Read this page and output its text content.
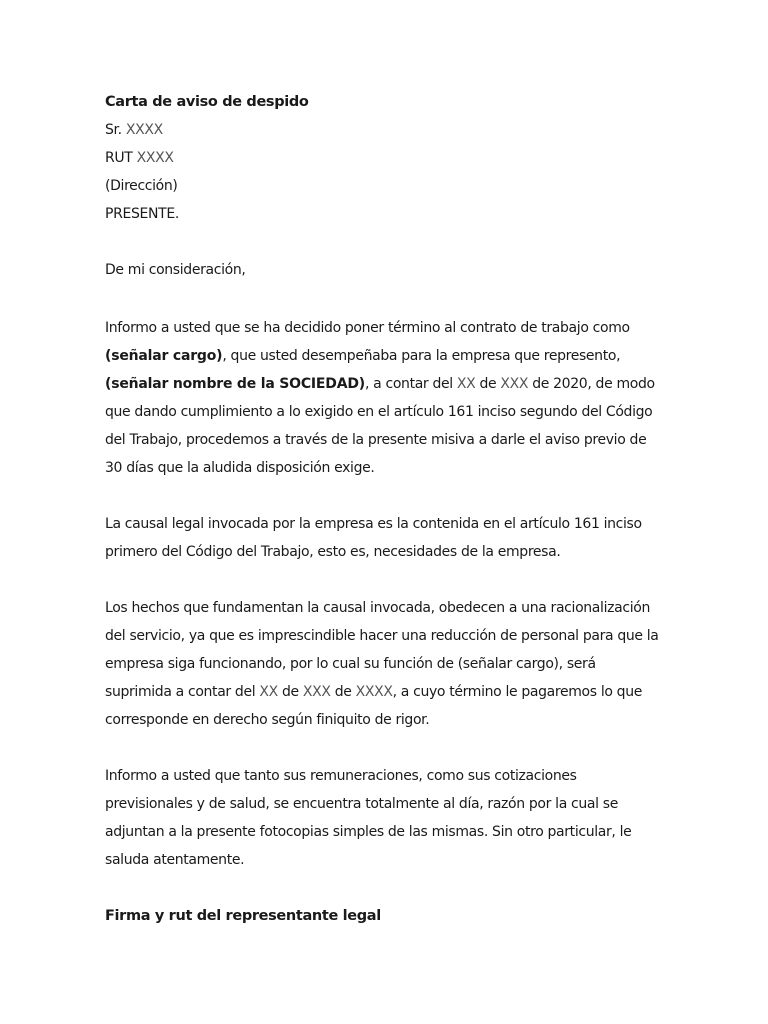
Carta de aviso de despido

Sr. XXXX

RUT XXXX

(Dirección)

PRESENTE.

De mi consideración,

Informo a usted que se ha decidido poner término al contrato de trabajo como
(señalar cargo), que usted desempeñaba para la empresa que represento,
(señalar nombre de la SOCIEDAD), a contar del XX de XXX de 2020, de modo
que dando cumplimiento a lo exigido en el artículo 161 inciso segundo del Código
del Trabajo, procedemos a través de la presente misiva a darle el aviso previo de
30 días que la aludida disposición exige.
La causal legal invocada por la empresa es la contenida en el artículo 161 inciso
primero del Código del Trabajo, esto es, necesidades de la empresa.
Los hechos que fundamentan la causal invocada, obedecen a una racionalización
del servicio, ya que es imprescindible hacer una reducción de personal para que la
empresa siga funcionando, por lo cual su función de (señalar cargo), será
suprimida a contar del XX de XXX de XXXX, a cuyo término le pagaremos lo que
corresponde en derecho según finiquito de rigor.
Informo a usted que tanto sus remuneraciones, como sus cotizaciones
previsionales y de salud, se encuentra totalmente al día, razón por la cual se
adjuntan a la presente fotocopias simples de las mismas. Sin otro particular, le
saluda atentamente.

Firma y rut del representante legal
